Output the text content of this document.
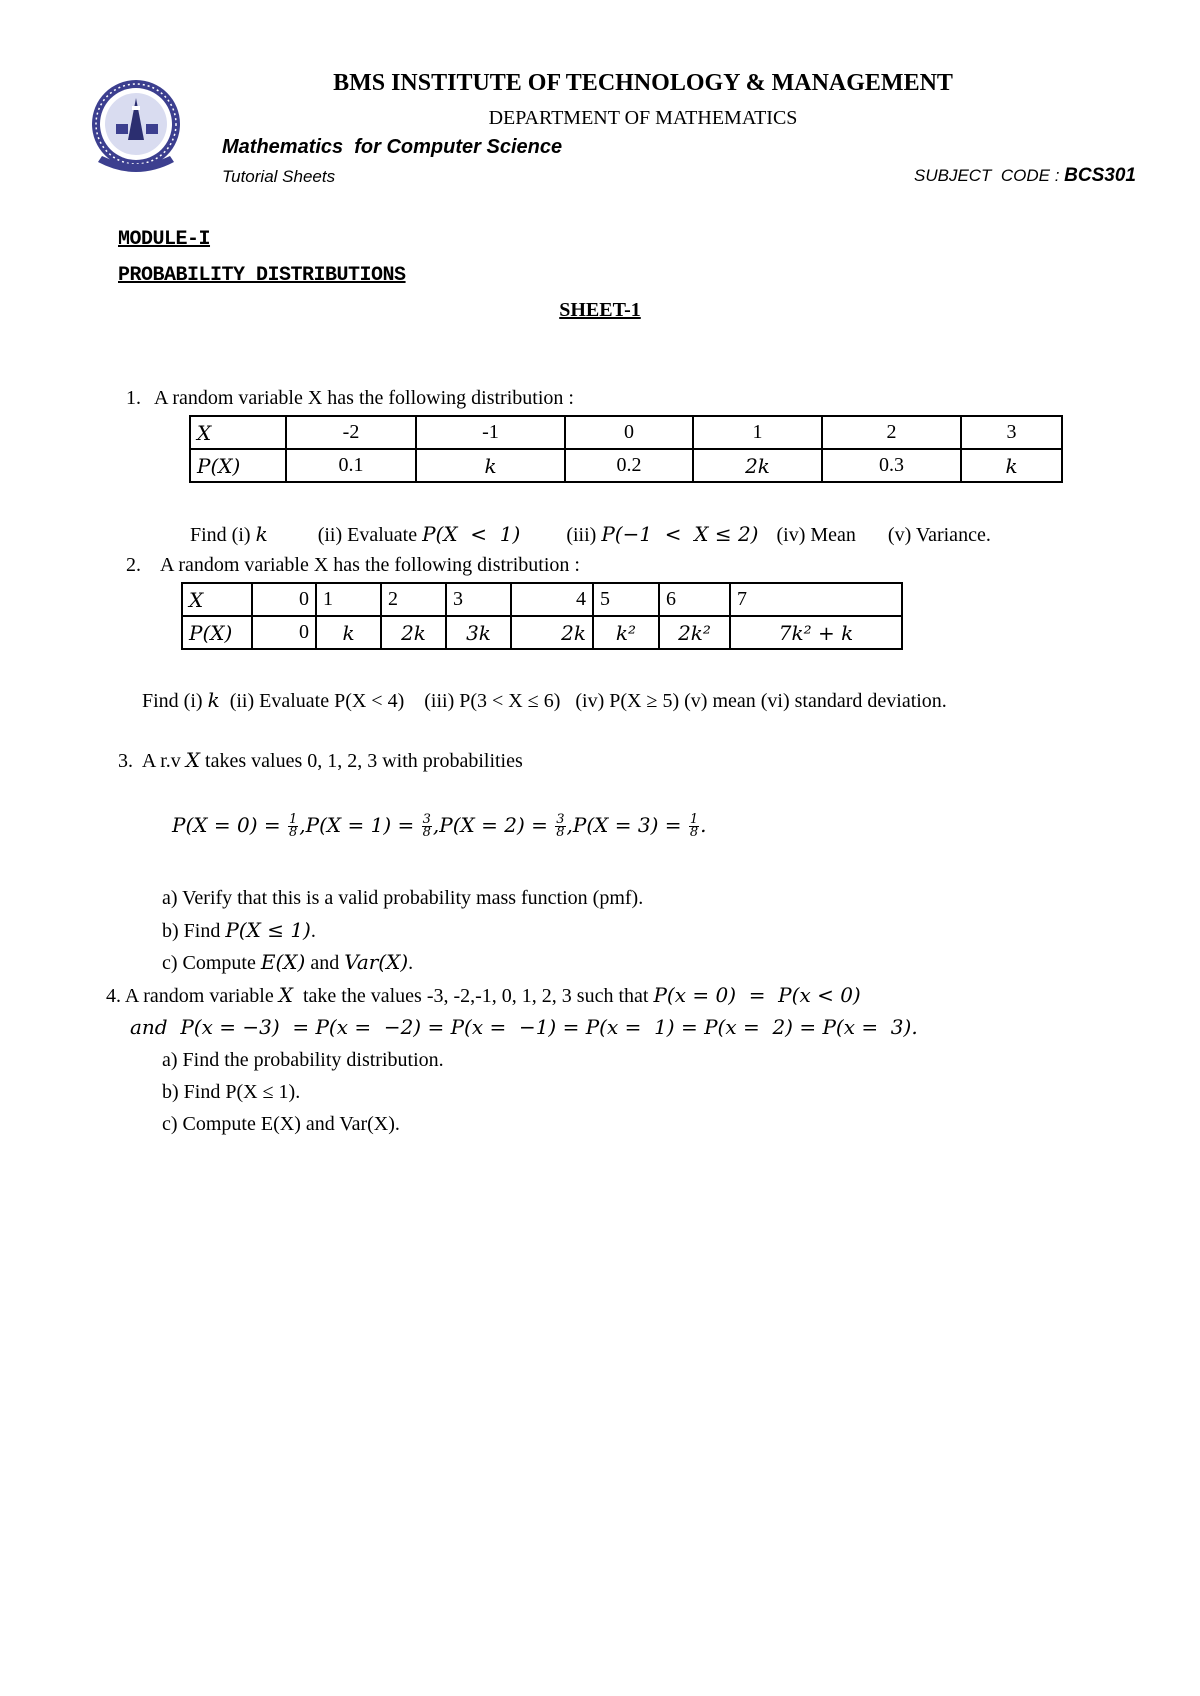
BMS INSTITUTE OF TECHNOLOGY & MANAGEMENT
DEPARTMENT OF MATHEMATICS
Mathematics  for Computer Science
Tutorial Sheets	SUBJECT  CODE : BCS301
MODULE-I
PROBABILITY DISTRIBUTIONS
SHEET-1
1. A random variable X has the following distribution :
X	-2	-1	0	1	2	3
P(X)	0.1	k	0.2	2k	0.3	k
Find (i) k	(ii) Evaluate P(X  <  1) (iii) P(−1  <  X ≤ 2) (iv) Mean (v) Variance.
2. A random variable X has the following distribution :
X	0	1	2	3	4	5	6	7
P(X)	0	k	2k	3k	2k	k²	2k²	7k² + k
Find (i) k  (ii) Evaluate P(X < 4)    (iii) P(3 < X ≤ 6)   (iv) P(X ≥ 5) (v) mean (vi) standard deviation.
3.  A r.v X takes values 0, 1, 2, 3 with probabilities
$P(X = 0) = \frac{1}{8} ,P(X = 1) = \frac{3}{8} ,P(X = 2) = \frac{3}{8} ,P(X = 3) = \frac{1}{8}$ .
a) Verify that this is a valid probability mass function (pmf).
b) Find P(X ≤ 1).
c) Compute E(X) and Var(X).
4. A random variable X  take the values -3, -2,-1, 0, 1, 2, 3 such that P(x = 0)  =  P(x < 0)
and  P(x = −3)  = P(x =  −2) = P(x =  −1) = P(x =  1) = P(x =  2) = P(x =  3).
a) Find the probability distribution.
b) Find P(X ≤ 1).
c) Compute E(X) and Var(X).
